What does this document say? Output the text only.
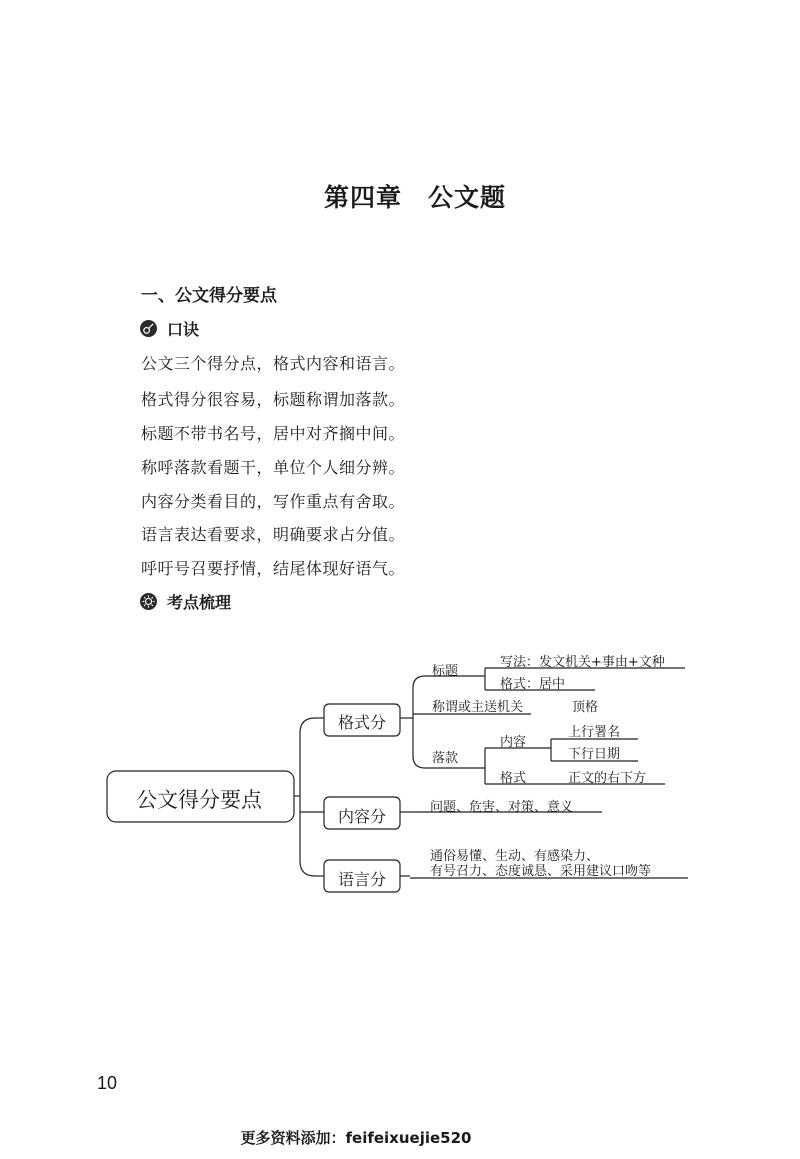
第四章　公文题
一、公文得分要点
口诀
公文三个得分点，格式内容和语言。
格式得分很容易，标题称谓加落款。
标题不带书名号，居中对齐搁中间。
称呼落款看题干，单位个人细分辨。
内容分类看目的，写作重点有舍取。
语言表达看要求，明确要求占分值。
呼吁号召要抒情，结尾体现好语气。
考点梳理
公文得分要点
格式分
内容分
语言分
标题
写法：发文机关+事由+文种
格式：居中
称谓或主送机关	顶格
落款
内容
上行署名
下行日期
格式	正文的右下方
问题、危害、对策、意义
通俗易懂、生动、有感染力、
有号召力、态度诚恳、采用建议口吻等
10
更多资料添加：feifeixuejie520
